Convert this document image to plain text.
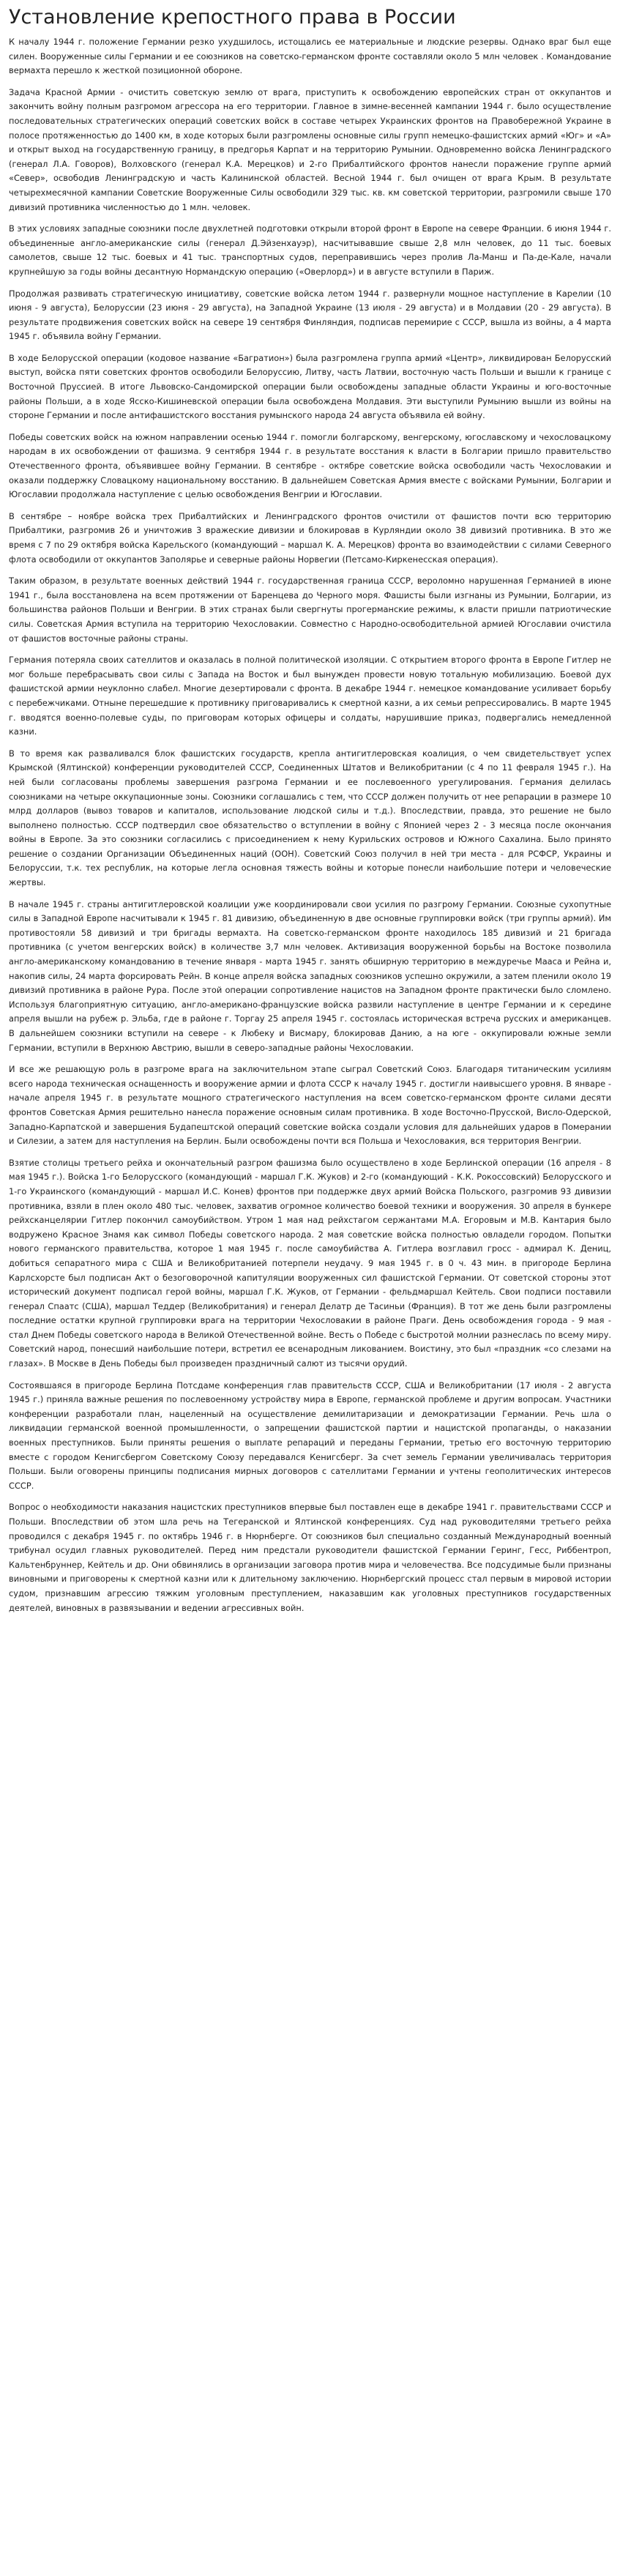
Установление крепостного права в России

К началу 1944 г. положение Германии резко ухудшилось, истощались ее материальные и людские резервы. Однако враг был еще силен. Вооруженные силы Германии и ее союзников на советско-германском фронте составляли около 5 млн человек . Командование вермахта перешло к жесткой позиционной обороне.

Задача Красной Армии - очистить советскую землю от врага, приступить к освобождению европейских стран от оккупантов и закончить войну полным разгромом агрессора на его территории. Главное в зимне-весенней кампании 1944 г. было осуществление последовательных стратегических операций советских войск в составе четырех Украинских фронтов на Правобережной Украине в полосе протяженностью до 1400 км, в ходе которых были разгромлены основные силы групп немецко-фашистских армий «Юг» и «А» и открыт выход на государственную границу, в предгорья Карпат и на территорию Румынии. Одновременно войска Ленинградского (генерал Л.А. Говоров), Волховского (генерал К.А. Мерецков) и 2-го Прибалтийского фронтов нанесли поражение группе армий «Север», освободив Ленинградскую и часть Калининской областей. Весной 1944 г. был очищен от врага Крым. В результате четырехмесячной кампании Советские Вооруженные Силы освободили 329 тыс. кв. км советской территории, разгромили свыше 170 дивизий противника численностью до 1 млн. человек.

В этих условиях западные союзники после двухлетней подготовки открыли второй фронт в Европе на севере Франции. 6 июня 1944 г. объединенные англо-американские силы (генерал Д.Эйзенхауэр), насчитывавшие свыше 2,8 млн человек, до 11 тыс. боевых самолетов, свыше 12 тыс. боевых и 41 тыс. транспортных судов, переправившись через пролив Ла-Манш и Па-де-Кале, начали крупнейшую за годы войны десантную Нормандскую операцию («Оверлорд») и в августе вступили в Париж.

Продолжая развивать стратегическую инициативу, советские войска летом 1944 г. развернули мощное наступление в Карелии (10 июня - 9 августа), Белоруссии (23 июня - 29 августа), на Западной Украине (13 июля - 29 августа) и в Молдавии (20 - 29 августа). В результате продвижения советских войск на севере 19 сентября Финляндия, подписав перемирие с СССР, вышла из войны, а 4 марта 1945 г. объявила войну Германии.

В ходе Белорусской операции (кодовое название «Багратион») была разгромлена группа армий «Центр», ликвидирован Белорусский выступ, войска пяти советских фронтов освободили Белоруссию, Литву, часть Латвии, восточную часть Польши и вышли к границе с Восточной Пруссией. В итоге Львовско-Сандомирской операции были освобождены западные области Украины и юго-восточные районы Польши, а в ходе Ясско-Кишиневской операции была освобождена Молдавия. Эти выступили Румынию вышли из войны на стороне Германии и после антифашистского восстания румынского народа 24 августа объявила ей войну.

Победы советских войск на южном направлении осенью 1944 г. помогли болгарскому, венгерскому, югославскому и чехословацкому народам в их освобождении от фашизма. 9 сентября 1944 г. в результате восстания к власти в Болгарии пришло правительство Отечественного фронта, объявившее войну Германии. В сентябре - октябре советские войска освободили часть Чехословакии и оказали поддержку Словацкому национальному восстанию. В дальнейшем Советская Армия вместе с войсками Румынии, Болгарии и Югославии продолжала наступление с целью освобождения Венгрии и Югославии.

В сентябре – ноябре войска трех Прибалтийских и Ленинградского фронтов очистили от фашистов почти всю территорию Прибалтики, разгромив 26 и уничтожив 3 вражеские дивизии и блокировав в Курляндии около 38 дивизий противника. В это же время с 7 по 29 октября войска Карельского (командующий – маршал К. А. Мерецков) фронта во взаимодействии с силами Северного флота освободили от оккупантов Заполярье и северные районы Норвегии (Петсамо-Киркенесская операция).

Таким образом, в результате военных действий 1944 г. государственная граница СССР, вероломно нарушенная Германией в июне 1941 г., была восстановлена на всем протяжении от Баренцева до Черного моря. Фашисты были изгнаны из Румынии, Болгарии, из большинства районов Польши и Венгрии. В этих странах были свергнуты прогерманские режимы, к власти пришли патриотические силы. Советская Армия вступила на территорию Чехословакии. Совместно с Народно-освободительной армией Югославии очистила от фашистов восточные районы страны.

Германия потеряла своих сателлитов и оказалась в полной политической изоляции. С открытием второго фронта в Европе Гитлер не мог больше перебрасывать свои силы с Запада на Восток и был вынужден провести новую тотальную мобилизацию. Боевой дух фашистской армии неуклонно слабел. Многие дезертировали с фронта. В декабре 1944 г. немецкое командование усиливает борьбу с перебежчиками. Отныне перешедшие к противнику приговаривались к смертной казни, а их семьи репрессировались. В марте 1945 г. вводятся военно-полевые суды, по приговорам которых офицеры и солдаты, нарушившие приказ, подвергались немедленной казни.

В то время как разваливался блок фашистских государств, крепла антигитлеровская коалиция, о чем свидетельствует успех Крымской (Ялтинской) конференции руководителей СССР, Соединенных Штатов и Великобритании (с 4 по 11 февраля 1945 г.). На ней были согласованы проблемы завершения разгрома Германии и ее послевоенного урегулирования. Германия делилась союзниками на четыре оккупационные зоны. Союзники соглашались с тем, что СССР должен получить от нее репарации в размере 10 млрд долларов (вывоз товаров и капиталов, использование людской силы и т.д.). Впоследствии, правда, это решение не было выполнено полностью. СССР подтвердил свое обязательство о вступлении в войну с Японией через 2 - 3 месяца после окончания войны в Европе. За это союзники согласились с присоединением к нему Курильских островов и Южного Сахалина. Было принято решение о создании Организации Объединенных наций (ООН). Советский Союз получил в ней три места - для РСФСР, Украины и Белоруссии, т.к. тех республик, на которые легла основная тяжесть войны и которые понесли наибольшие потери и человеческие жертвы.

В начале 1945 г. страны антигитлеровской коалиции уже координировали свои усилия по разгрому Германии. Союзные сухопутные силы в Западной Европе насчитывали к 1945 г. 81 дивизию, объединенную в две основные группировки войск (три группы армий). Им противостояли 58 дивизий и три бригады вермахта. На советско-германском фронте находилось 185 дивизий и 21 бригада противника (с учетом венгерских войск) в количестве 3,7 млн человек. Активизация вооруженной борьбы на Востоке позволила англо-американскому командованию в течение января - марта 1945 г. занять обширную территорию в междуречье Мааса и Рейна и, накопив силы, 24 марта форсировать Рейн. В конце апреля войска западных союзников успешно окружили, а затем пленили около 19 дивизий противника в районе Рура. После этой операции сопротивление нацистов на Западном фронте практически было сломлено. Используя благоприятную ситуацию, англо-американо-французские войска развили наступление в центре Германии и к середине апреля вышли на рубеж р. Эльба, где в районе г. Торгау 25 апреля 1945 г. состоялась историческая встреча русских и американцев. В дальнейшем союзники вступили на севере - к Любеку и Висмару, блокировав Данию, а на юге - оккупировали южные земли Германии, вступили в Верхнюю Австрию, вышли в северо-западные районы Чехословакии.

И все же решающую роль в разгроме врага на заключительном этапе сыграл Советский Союз. Благодаря титаническим усилиям всего народа техническая оснащенность и вооружение армии и флота СССР к началу 1945 г. достигли наивысшего уровня. В январе - начале апреля 1945 г. в результате мощного стратегического наступления на всем советско-германском фронте силами десяти фронтов Советская Армия решительно нанесла поражение основным силам противника. В ходе Восточно-Прусской, Висло-Одерской, Западно-Карпатской и завершения Будапештской операций советские войска создали условия для дальнейших ударов в Померании и Силезии, а затем для наступления на Берлин. Были освобождены почти вся Польша и Чехословакия, вся территория Венгрии.

Взятие столицы третьего рейха и окончательный разгром фашизма было осуществлено в ходе Берлинской операции (16 апреля - 8 мая 1945 г.). Войска 1-го Белорусского (командующий - маршал Г.К. Жуков) и 2-го (командующий - К.К. Рокоссовский) Белорусского и 1-го Украинского (командующий - маршал И.С. Конев) фронтов при поддержке двух армий Войска Польского, разгромив 93 дивизии противника, взяли в плен около 480 тыс. человек, захватив огромное количество боевой техники и вооружения. 30 апреля в бункере рейхсканцелярии Гитлер покончил самоубийством. Утром 1 мая над рейхстагом сержантами М.А. Егоровым и М.В. Кантария было водружено Красное Знамя как символ Победы советского народа. 2 мая советские войска полностью овладели городом. Попытки нового германского правительства, которое 1 мая 1945 г. после самоубийства А. Гитлера возглавил гросс - адмирал К. Дениц, добиться сепаратного мира с США и Великобританией потерпели неудачу. 9 мая 1945 г. в 0 ч. 43 мин. в пригороде Берлина Карлсхорсте был подписан Акт о безоговорочной капитуляции вооруженных сил фашистской Германии. От советской стороны этот исторический документ подписал герой войны, маршал Г.К. Жуков, от Германии - фельдмаршал Кейтель. Свои подписи поставили генерал Спаатс (США), маршал Теддер (Великобритания) и генерал Делатр де Тасиньи (Франция). В тот же день были разгромлены последние остатки крупной группировки врага на территории Чехословакии в районе Праги. День освобождения города - 9 мая - стал Днем Победы советского народа в Великой Отечественной войне. Весть о Победе с быстротой молнии разнеслась по всему миру. Советский народ, понесший наибольшие потери, встретил ее всенародным ликованием. Воистину, это был «праздник «со слезами на глазах». В Москве в День Победы был произведен праздничный салют из тысячи орудий.

Состоявшаяся в пригороде Берлина Потсдаме конференция глав правительств СССР, США и Великобритании (17 июля - 2 августа 1945 г.) приняла важные решения по послевоенному устройству мира в Европе, германской проблеме и другим вопросам. Участники конференции разработали план, нацеленный на осуществление демилитаризации и демократизации Германии. Речь шла о ликвидации германской военной промышленности, о запрещении фашистской партии и нацистской пропаганды, о наказании военных преступников. Были приняты решения о выплате репараций и переданы Германии, третью его восточную территорию вместе с городом Кенигсбергом Советскому Союзу передавался Кенигсберг. За счет земель Германии увеличивалась территория Польши. Были оговорены принципы подписания мирных договоров с сателлитами Германии и учтены геополитических интересов СССР.

Вопрос о необходимости наказания нацистских преступников впервые был поставлен еще в декабре 1941 г. правительствами СССР и Польши. Впоследствии об этом шла речь на Тегеранской и Ялтинской конференциях. Суд над руководителями третьего рейха проводился с декабря 1945 г. по октябрь 1946 г. в Нюрнберге. От союзников был специально созданный Международный военный трибунал осудил главных руководителей. Перед ним предстали руководители фашистской Германии Геринг, Гесс, Риббентроп, Кальтенбруннер, Кейтель и др. Они обвинялись в организации заговора против мира и человечества. Все подсудимые были признаны виновными и приговорены к смертной казни или к длительному заключению. Нюрнбергский процесс стал первым в мировой истории судом, признавшим агрессию тяжким уголовным преступлением, наказавшим как уголовных преступников государственных деятелей, виновных в развязывании и ведении агрессивных войн.
